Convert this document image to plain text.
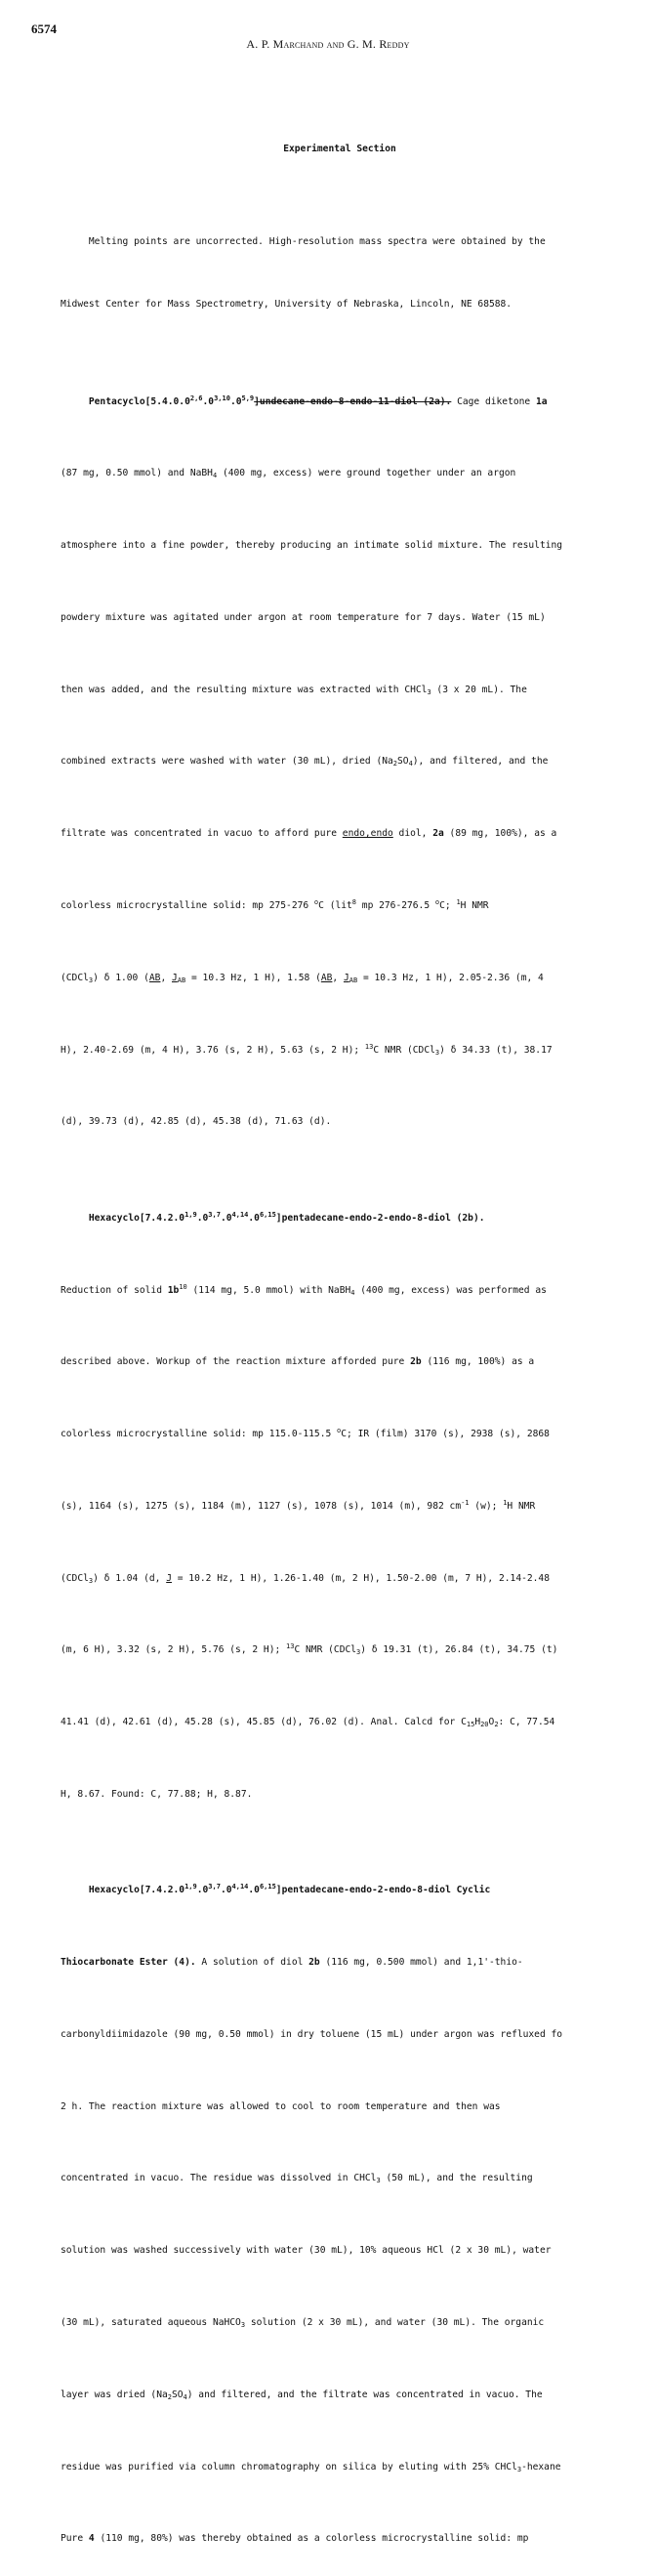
6574
A. P. Marchand and G. M. Reddy

Experimental Section

Melting points are uncorrected. High-resolution mass spectra were obtained by the

Midwest Center for Mass Spectrometry, University of Nebraska, Lincoln, NE 68588.

Pentacyclo[5.4.0.0$^{2,6}$.0$^{3,10}$.0$^{5,9}$]undecane-endo-8-endo-11-diol (2a). Cage diketone 1a

(87 mg, 0.50 mmol) and NaBH$_4$ (400 mg, excess) were ground together under an argon

atmosphere into a fine powder, thereby producing an intimate solid mixture. The resulting

powdery mixture was agitated under argon at room temperature for 7 days. Water (15 mL)

then was added, and the resulting mixture was extracted with CHCl$_3$ (3 x 20 mL). The

combined extracts were washed with water (30 mL), dried $(Na_2SO_4)$, and filtered, and the

filtrate was concentrated in vacuo to afford pure endo,endo diol, 2a (89 mg, 100%), as a

colorless microcrystalline solid: mp 275-276 $^o$C (lit$^8$ mp 276-276.5 $^o$C; $^1$H NMR

(CDCl$_3$) δ 1.00 (AB, $J_{AB} = 10.3$ Hz, 1 H), 1.58 (AB, $J_{AB} = 10.3$ Hz, 1 H), 2.05-2.36 (m, 4

H), 2.40-2.69 (m, 4 H), 3.76 (s, 2 H), 5.63 (s, 2 H); $^{13}$C NMR (CDCl$_3$) δ 34.33 (t), 38.17

(d), 39.73 (d), 42.85 (d), 45.38 (d), 71.63 (d).

Hexacyclo[7.4.2.0$^{1,9}$.0$^{3,7}$.0$^{4,14}$.0$^{6,15}$]pentadecane-endo-2-endo-8-diol (2b).

Reduction of solid $1b^{10}$ (114 mg, 5.0 mmol) with NaBH$_4$ (400 mg, excess) was performed as

described above. Workup of the reaction mixture afforded pure 2b (116 mg, 100%) as a

colorless microcrystalline solid: mp 115.0-115.5 $^o$C; IR (film) 3170 (s), 2938 (s), 2868

(s), 1164 (s), 1275 (s), 1184 (m), 1127 (s), 1078 (s), 1014 (m), 982 $cm^{-1}$ (w); $^1$H NMR

(CDCl$_3$) δ 1.04 (d, J = 10.2 Hz, 1 H), 1.26-1.40 (m, 2 H), 1.50-2.00 (m, 7 H), 2.14-2.48

(m, 6 H), 3.32 (s, 2 H), 5.76 (s, 2 H); $^{13}$C NMR (CDCl$_3$) δ 19.31 (t), 26.84 (t), 34.75 (t)

41.41 (d), 42.61 (d), 45.28 (s), 45.85 (d), 76.02 (d). Anal. Calcd for $C_{15}H_{20}O_2$: C, 77.54

H, 8.67. Found: C, 77.88; H, 8.87.

Hexacyclo[7.4.2.0$^{1,9}$.0$^{3,7}$.0$^{4,14}$.0$^{6,15}$]pentadecane-endo-2-endo-8-diol Cyclic

Thiocarbonate Ester (4). A solution of diol 2b (116 mg, 0.500 mmol) and 1,1'-thio-

carbonyldiimidazole (90 mg, 0.50 mmol) in dry toluene (15 mL) under argon was refluxed fo

2 h. The reaction mixture was allowed to cool to room temperature and then was

concentrated in vacuo. The residue was dissolved in CHCl$_3$ (50 mL), and the resulting

solution was washed successively with water (30 mL), 10% aqueous HCl (2 x 30 mL), water

(30 mL), saturated aqueous NaHCO$_3$ solution (2 x 30 mL), and water (30 mL). The organic

layer was dried $(Na_2SO_4)$ and filtered, and the filtrate was concentrated in vacuo. The

residue was purified via column chromatography on silica by eluting with 25% CHCl$_3$-hexane

Pure 4 (110 mg, 80%) was thereby obtained as a colorless microcrystalline solid: mp
